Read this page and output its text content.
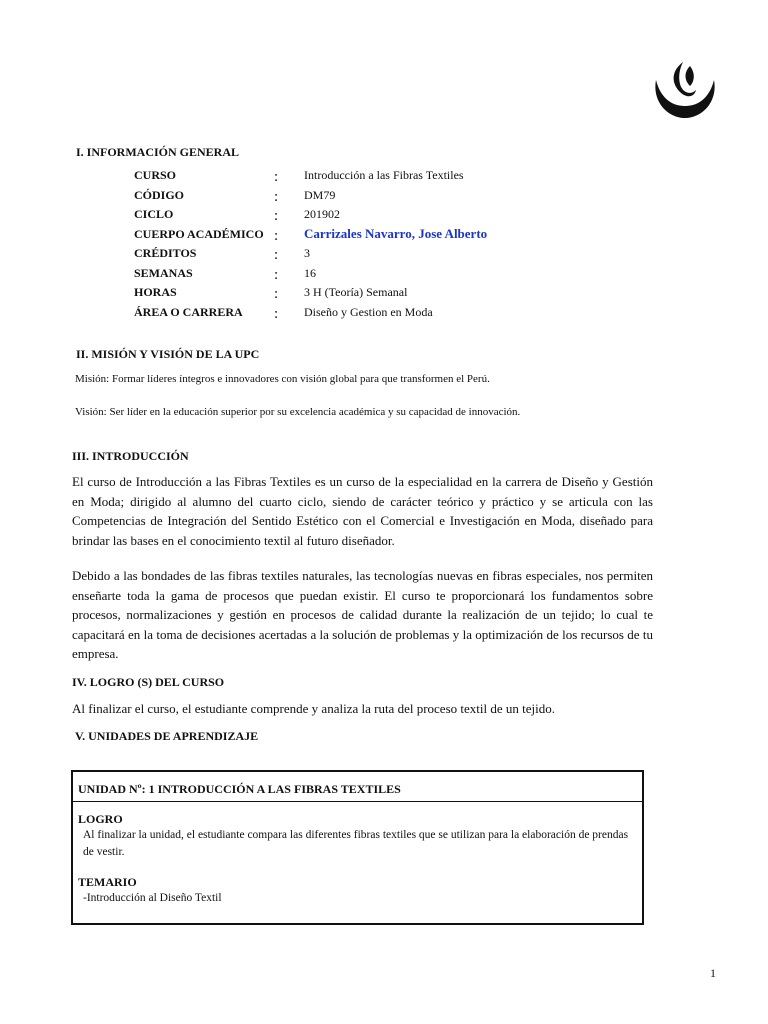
I. INFORMACIÓN GENERAL
CURSO	: Introducción a las Fibras Textiles
CÓDIGO	: DM79
CICLO	: 201902
CUERPO ACADÉMICO : Carrizales Navarro, Jose Alberto
CRÉDITOS	: 3
SEMANAS	: 16
HORAS	: 3 H (Teoría) Semanal
ÁREA O CARRERA : Diseño y Gestion en Moda
II. MISIÓN Y VISIÓN DE LA UPC
Misión: Formar líderes íntegros e innovadores con visión global para que transformen el Perú.
Visión: Ser líder en la educación superior por su excelencia académica y su capacidad de innovación.
III. INTRODUCCIÓN

El curso de Introducción a las Fibras Textiles es un curso de la especialidad en la carrera de Diseño y Gestión en Moda; dirigido al alumno del cuarto ciclo, siendo de carácter teórico y práctico y se articula con las Competencias de Integración del Sentido Estético con el Comercial e Investigación en Moda, diseñado para brindar las bases en el conocimiento textil al futuro diseñador.

Debido a las bondades de las fibras textiles naturales, las tecnologías nuevas en fibras especiales, nos permiten enseñarte toda la gama de procesos que puedan existir. El curso te proporcionará los fundamentos sobre procesos, normalizaciones y gestión en procesos de calidad durante la realización de un tejido; lo cual te capacitará en la toma de decisiones acertadas a la solución de problemas y la optimización de los recursos de tu empresa.

IV. LOGRO (S) DEL CURSO
Al finalizar el curso, el estudiante comprende y analiza la ruta del proceso textil de un tejido.
V. UNIDADES DE APRENDIZAJE
UNIDAD Nº: 1 INTRODUCCIÓN A LAS FIBRAS TEXTILES
LOGRO
Al finalizar la unidad, el estudiante compara las diferentes fibras textiles que se utilizan para la elaboración de prendas de vestir.
TEMARIO
-Introducción al Diseño Textil
1
